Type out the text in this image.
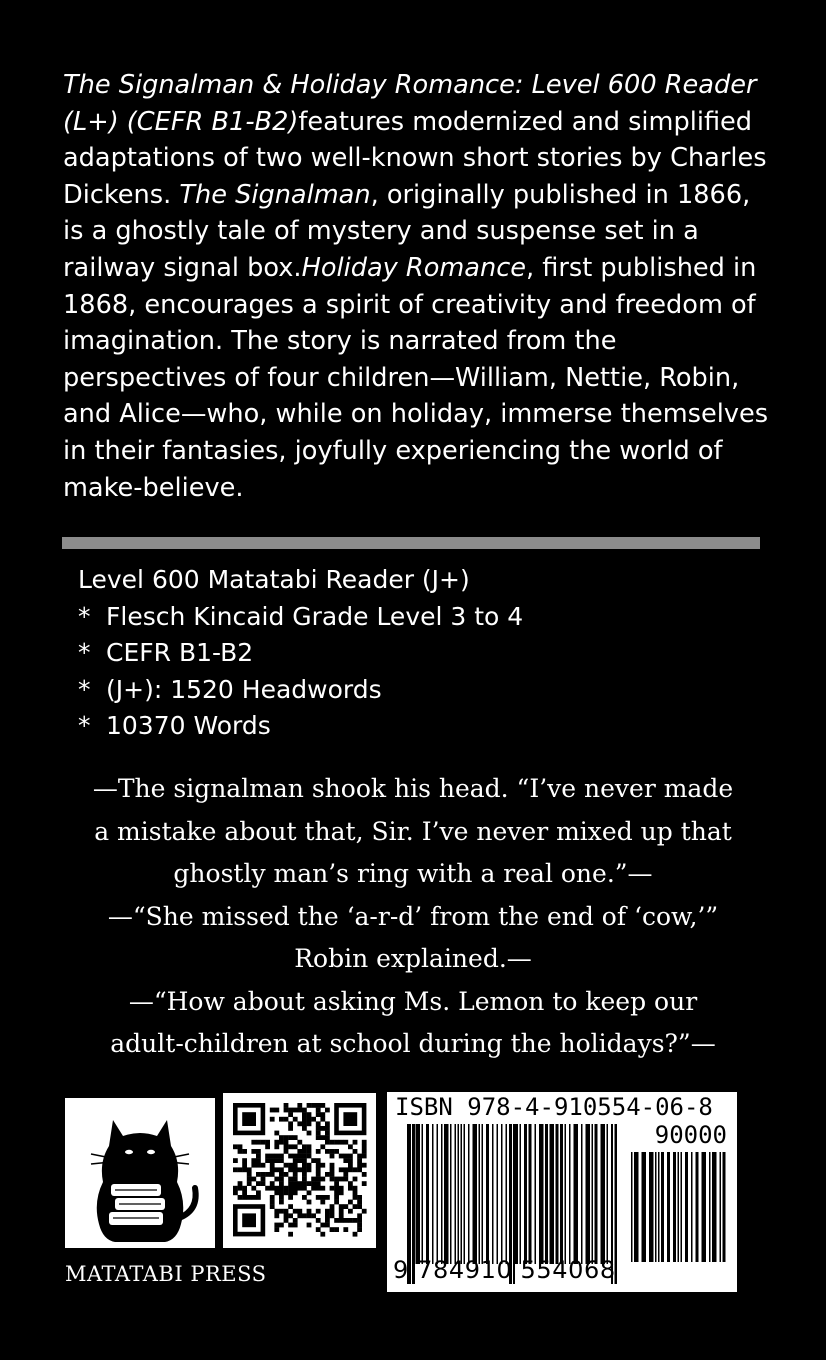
The Signalman & Holiday Romance: Level 600 Reader (L+) (CEFR B1-B2)features modernized and simplified adaptations of two well-known short stories by Charles Dickens. The Signalman, originally published in 1866, is a ghostly tale of mystery and suspense set in a railway signal box.Holiday Romance, first published in 1868, encourages a spirit of creativity and freedom of imagination. The story is narrated from the perspectives of four children—William, Nettie, Robin, and Alice—who, while on holiday, immerse themselves in their fantasies, joyfully experiencing the world of make-believe.
Level 600 Matatabi Reader (J+)
* Flesch Kincaid Grade Level 3 to 4
* CEFR B1-B2
* (J+): 1520 Headwords
* 10370 Words
—The signalman shook his head. “I’ve never made
a mistake about that, Sir. I’ve never mixed up that
ghostly man’s ring with a real one.”—
—“She missed the ‘a-r-d’ from the end of ‘cow,’”
Robin explained.—
—“How about asking Ms. Lemon to keep our
adult-children at school during the holidays?”—
MATATABI PRESS
ISBN 978-4-910554-06-8
90000
9 784910 554068
